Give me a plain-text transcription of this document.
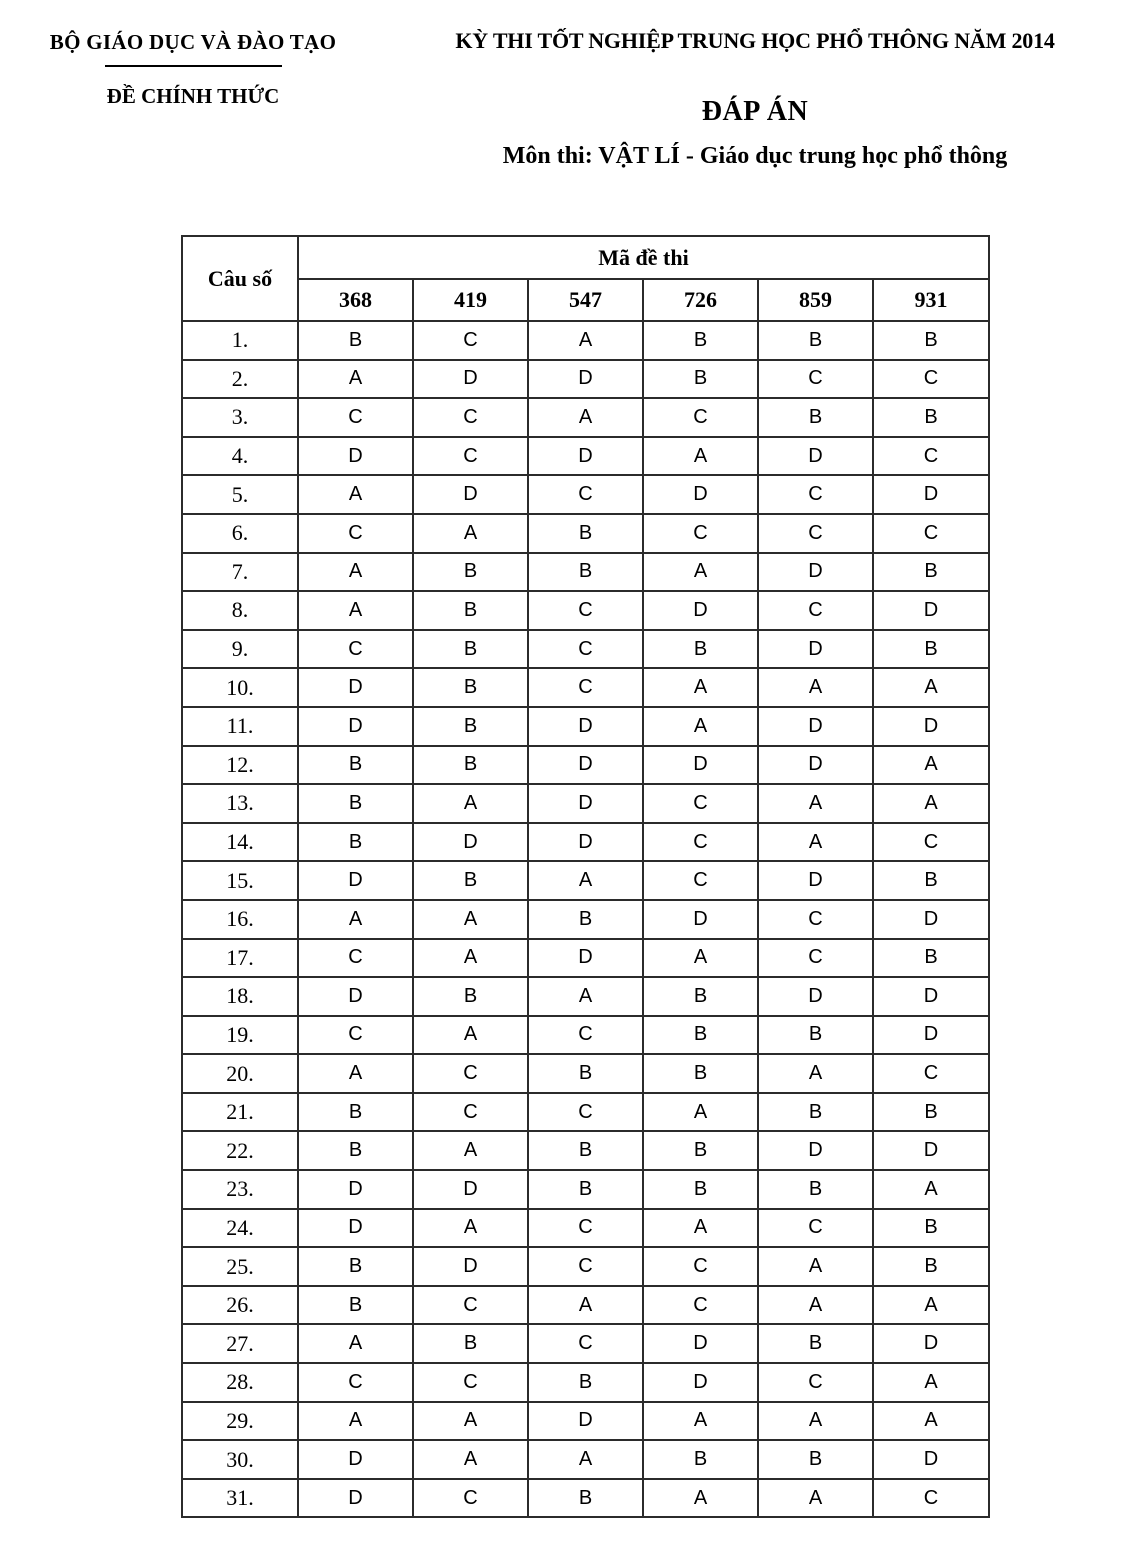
BỘ GIÁO DỤC VÀ ĐÀO TẠO
ĐỀ CHÍNH THỨC
KỲ THI TỐT NGHIỆP TRUNG HỌC PHỔ THÔNG NĂM 2014
ĐÁP ÁN
Môn thi: VẬT LÍ - Giáo dục trung học phổ thông
Câu số	Mã đề thi					
	368	419	547	726	859	931
1.	B	C	A	B	B	B
2.	A	D	D	B	C	C
3.	C	C	A	C	B	B
4.	D	C	D	A	D	C
5.	A	D	C	D	C	D
6.	C	A	B	C	C	C
7.	A	B	B	A	D	B
8.	A	B	C	D	C	D
9.	C	B	C	B	D	B
10.	D	B	C	A	A	A
11.	D	B	D	A	D	D
12.	B	B	D	D	D	A
13.	B	A	D	C	A	A
14.	B	D	D	C	A	C
15.	D	B	A	C	D	B
16.	A	A	B	D	C	D
17.	C	A	D	A	C	B
18.	D	B	A	B	D	D
19.	C	A	C	B	B	D
20.	A	C	B	B	A	C
21.	B	C	C	A	B	B
22.	B	A	B	B	D	D
23.	D	D	B	B	B	A
24.	D	A	C	A	C	B
25.	B	D	C	C	A	B
26.	B	C	A	C	A	A
27.	A	B	C	D	B	D
28.	C	C	B	D	C	A
29.	A	A	D	A	A	A
30.	D	A	A	B	B	D
31.	D	C	B	A	A	C
